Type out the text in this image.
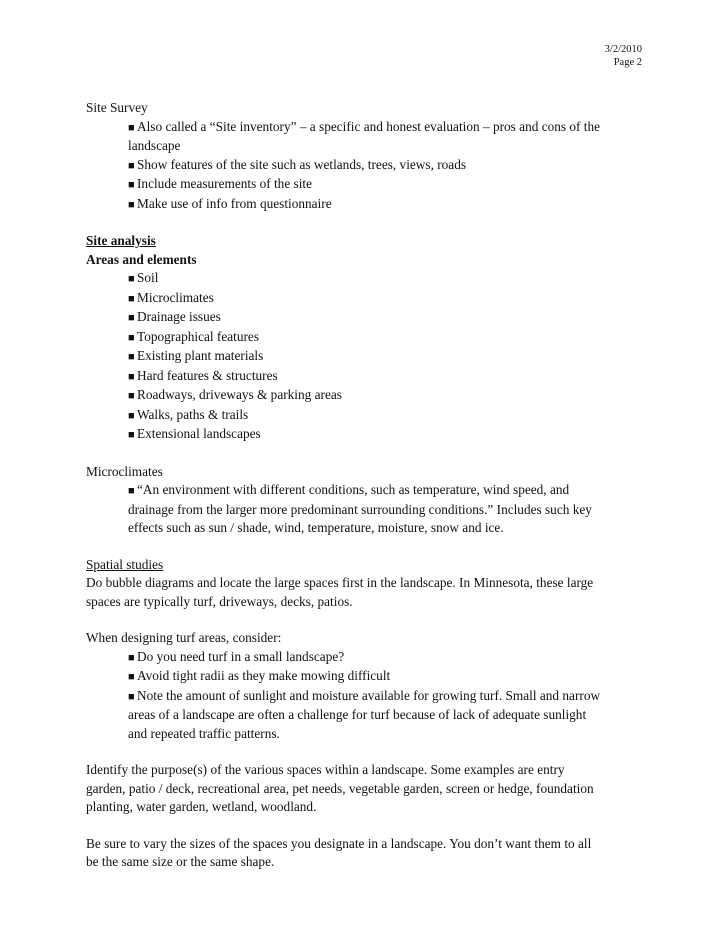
3/2/2010
Page 2

Site Survey

■ Also called a “Site inventory” – a specific and honest evaluation – pros and cons of the
landscape
■ Show features of the site such as wetlands, trees, views, roads
■ Include measurements of the site
■ Make use of info from questionnaire

Site analysis

Areas and elements

■ Soil
■ Microclimates
■ Drainage issues
■ Topographical features
■ Existing plant materials
■ Hard features & structures
■ Roadways, driveways & parking areas
■ Walks, paths & trails
■ Extensional landscapes

Microclimates

■ “An environment with different conditions, such as temperature, wind speed, and
drainage from the larger more predominant surrounding conditions.” Includes such key
effects such as sun / shade, wind, temperature, moisture, snow and ice.

Spatial studies

Do bubble diagrams and locate the large spaces first in the landscape. In Minnesota, these large

spaces are typically turf, driveways, decks, patios.

When designing turf areas, consider:

■ Do you need turf in a small landscape?
■ Avoid tight radii as they make mowing difficult
■ Note the amount of sunlight and moisture available for growing turf. Small and narrow
areas of a landscape are often a challenge for turf because of lack of adequate sunlight
and repeated traffic patterns.

Identify the purpose(s) of the various spaces within a landscape. Some examples are entry

garden, patio / deck, recreational area, pet needs, vegetable garden, screen or hedge, foundation

planting, water garden, wetland, woodland.

Be sure to vary the sizes of the spaces you designate in a landscape. You don’t want them to all

be the same size or the same shape.
